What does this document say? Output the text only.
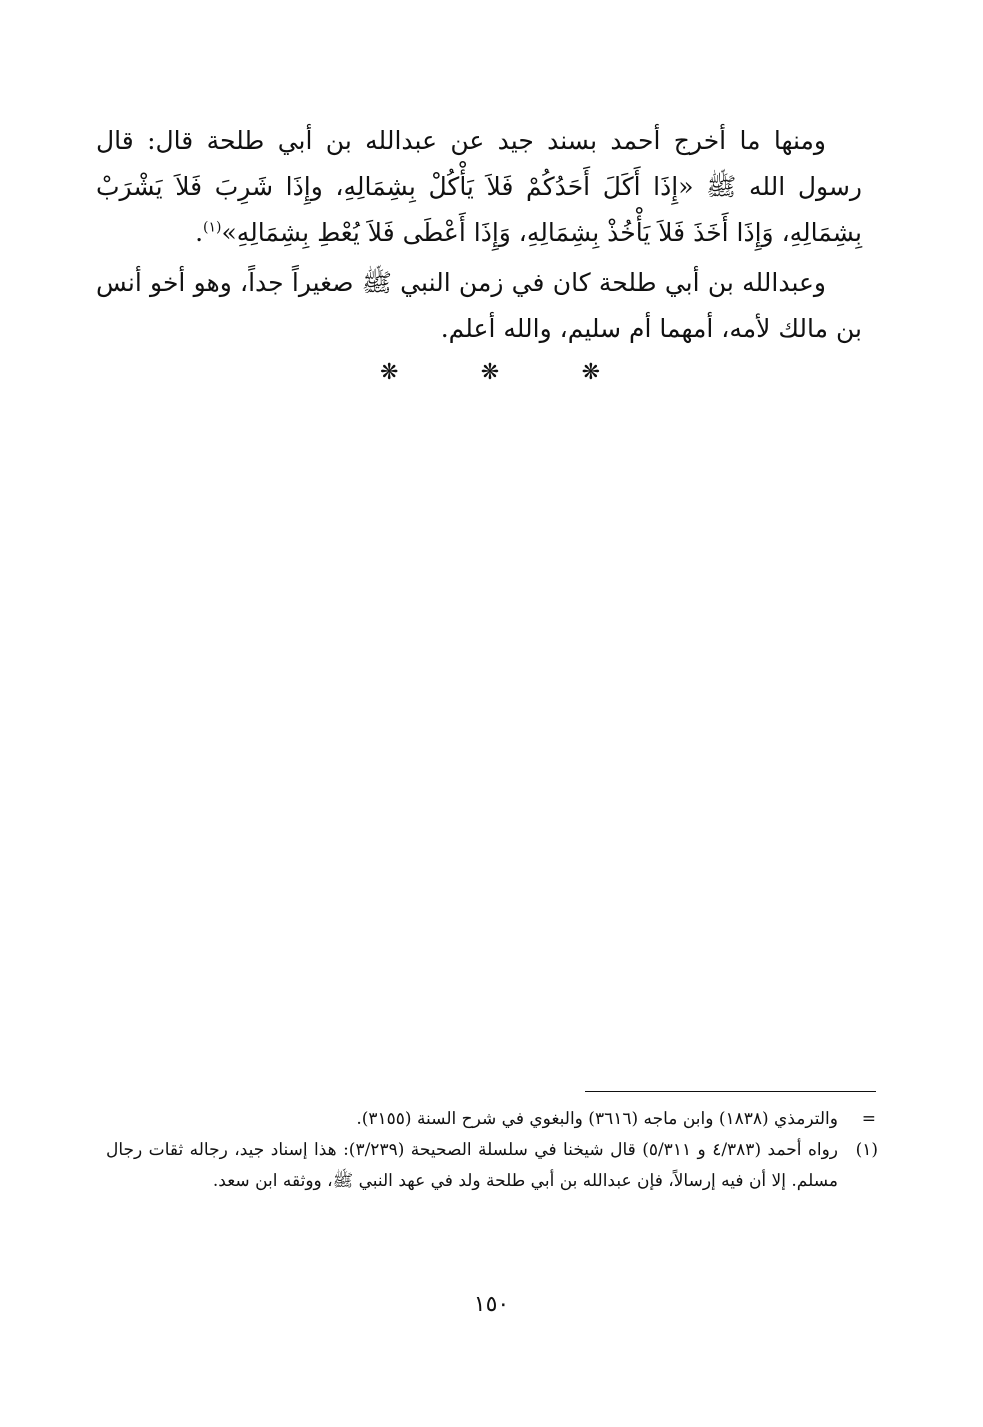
ومنها ما أخرج أحمد بسند جيد عن عبدالله بن أبي طلحة قال: قال رسول الله ﷺ «إِذَا أَكَلَ أَحَدُكُمْ فَلاَ يَأْكُلْ بِشِمَالِهِ، وإِذَا شَرِبَ فَلاَ يَشْرَبْ بِشِمَالِهِ، وَإِذَا أَخَذَ فَلاَ يَأْخُذْ بِشِمَالِهِ، وَإِذَا أَعْطَى فَلاَ يُعْطِ بِشِمَالِهِ»$^{(١)}$.

وعبدالله بن أبي طلحة كان في زمن النبي ﷺ صغيراً جداً، وهو أخو أنس بن مالك لأمه، أمهما أم سليم، والله أعلم.

❋	❋	❋

=
والترمذي (١٨٣٨) وابن ماجه (٣٦١٦) والبغوي في شرح السنة (٣١٥٥).

(١)
رواه أحمد (٤/٣٨٣ و ٥/٣١١) قال شيخنا في سلسلة الصحيحة (٣/٢٣٩): هذا إسناد جيد، رجاله ثقات رجال مسلم. إلا أن فيه إرسالاً، فإن عبدالله بن أبي طلحة ولد في عهد النبي ﷺ، ووثقه ابن سعد.

١٥٠
